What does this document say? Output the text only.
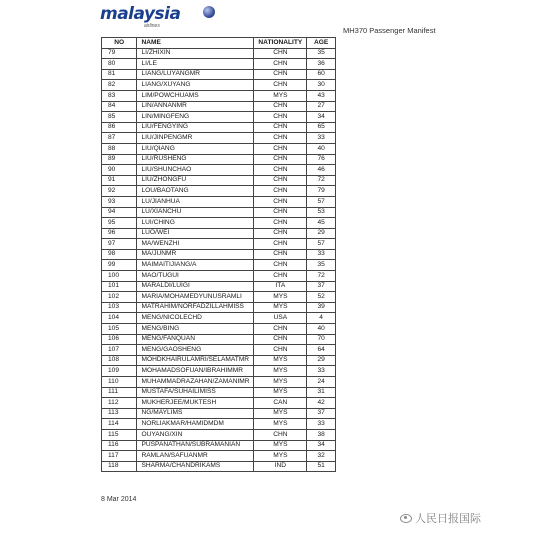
malaysia
airlines	MH370 Passenger Manifest
NO	NAME	NATIONALITY	AGE
79	LI/ZHIXIN	CHN	35
80	LI/LE	CHN	36
81	LIANG/LUYANGMR	CHN	60
82	LIANG/XUYANG	CHN	30
83	LIM/POWCHUAMS	MYS	43
84	LIN/ANNANMR	CHN	27
85	LIN/MINGFENG	CHN	34
86	LIU/FENGYING	CHN	65
87	LIU/JINPENGMR	CHN	33
88	LIU/QIANG	CHN	40
89	LIU/RUSHENG	CHN	76
90	LIU/SHUNCHAO	CHN	46
91	LIU/ZHONGFU	CHN	72
92	LOU/BAOTANG	CHN	79
93	LU/JIANHUA	CHN	57
94	LU/XIANCHU	CHN	53
95	LUI/CHING	CHN	45
96	LUO/WEI	CHN	29
97	MA/WENZHI	CHN	57
98	MA/JUNMR	CHN	33
99	MAIMAITIJIANG/A	CHN	35
100	MAO/TUGUI	CHN	72
101	MARALDI/LUIGI	ITA	37
102	MARIA/MOHAMEDYUNUSRAMLI	MYS	52
103	MATRAHIM/NORFADZILLAHMISS	MYS	39
104	MENG/NICOLECHD	USA	4
105	MENG/BING	CHN	40
106	MENG/FANQUAN	CHN	70
107	MENG/GAOSHENG	CHN	64
108	MOHDKHAIRULAMRI/SELAMATMR	MYS	29
109	MOHAMADSOFUAN/IBRAHIMMR	MYS	33
110	MUHAMMADRAZAHAN/ZAMANIMR	MYS	24
111	MUSTAFA/SUHAILIMISS	MYS	31
112	MUKHERJEE/MUKTESH	CAN	42
113	NG/MAYLIMS	MYS	37
114	NORLIAKMAR/HAMIDMDM	MYS	33
115	OUYANG/XIN	CHN	38
116	PUSPANATHAN/SUBRAMANIAN	MYS	34
117	RAMLAN/SAFUANMR	MYS	32
118	SHARMA/CHANDRIKAMS	IND	51
8 Mar 2014
人民日报国际
